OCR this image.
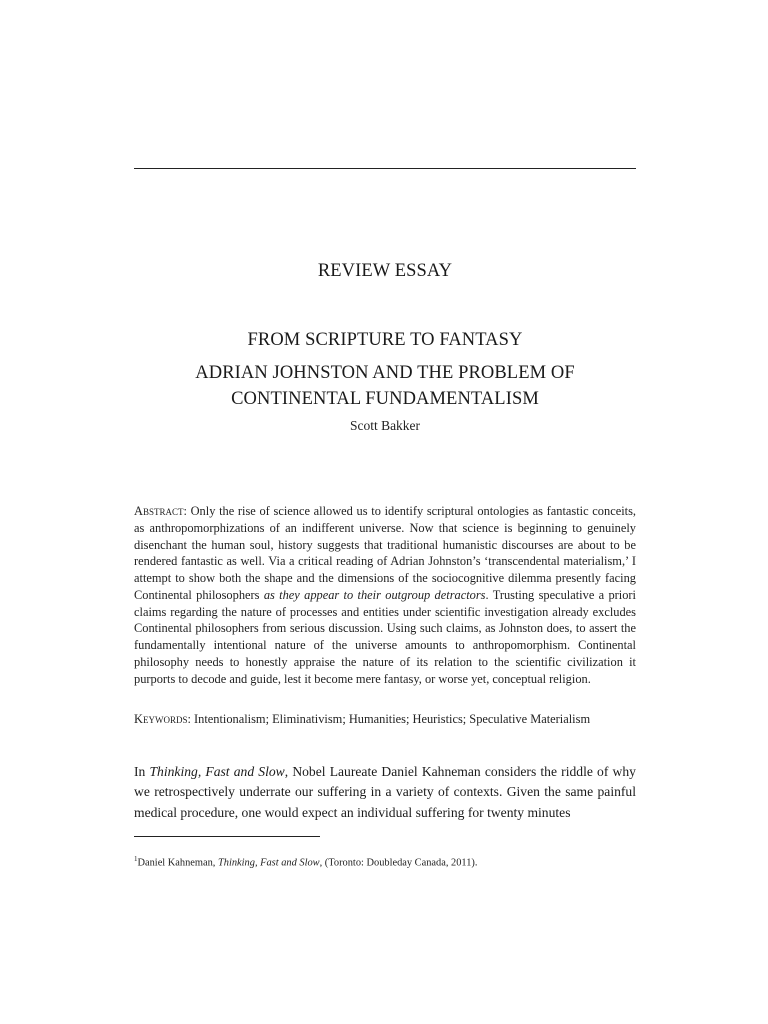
REVIEW ESSAY
FROM SCRIPTURE TO FANTASY
ADRIAN JOHNSTON AND THE PROBLEM OF
CONTINENTAL FUNDAMENTALISM
Scott Bakker
Abstract: Only the rise of science allowed us to identify scriptural ontologies as fantastic conceits, as anthropomorphizations of an indifferent universe. Now that science is beginning to genuinely disenchant the human soul, history suggests that traditional humanistic discourses are about to be rendered fantastic as well. Via a critical reading of Adrian Johnston’s ‘transcendental materialism,’ I attempt to show both the shape and the dimensions of the sociocognitive dilemma presently facing Continental philosophers as they appear to their outgroup detractors. Trusting speculative a priori claims regarding the nature of processes and entities under scientific investigation already excludes Continental philosophers from serious discussion. Using such claims, as Johnston does, to assert the fundamentally intentional nature of the universe amounts to anthropomorphism. Continental philosophy needs to honestly appraise the nature of its relation to the scientific civilization it purports to decode and guide, lest it become mere fantasy, or worse yet, conceptual religion.
Keywords: Intentionalism; Eliminativism; Humanities; Heuristics; Speculative Materialism
In Thinking, Fast and Slow, Nobel Laureate Daniel Kahneman considers the riddle of why we retrospectively underrate our suffering in a variety of contexts. Given the same painful medical procedure, one would expect an individual suffering for twenty minutes
$^1$Daniel Kahneman, Thinking, Fast and Slow, (Toronto: Doubleday Canada, 2011).
